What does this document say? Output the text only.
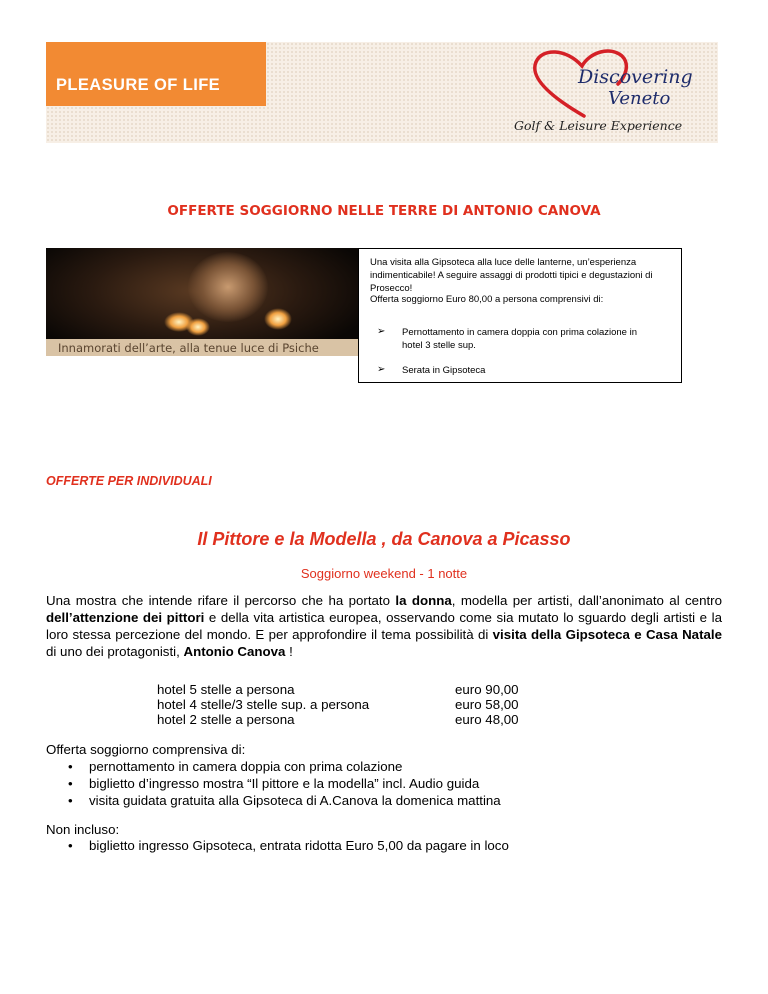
PLEASURE OF LIFE	Discovering
Veneto
Golf & Leisure Experience
OFFERTE SOGGIORNO NELLE TERRE DI ANTONIO CANOVA
Innamorati dell’arte, alla tenue luce di Psiche
Una visita alla Gipsoteca alla luce delle lanterne, un’esperienza indimenticabile! A seguire assaggi di prodotti tipici e degustazioni di Prosecco!
Offerta soggiorno Euro 80,00 a persona comprensivi di:
➢ Pernottamento in camera doppia con prima colazione in hotel 3 stelle sup.
➢ Serata in Gipsoteca
OFFERTE PER INDIVIDUALI
Il Pittore e la Modella , da Canova a Picasso
Soggiorno weekend - 1 notte
Una mostra che intende rifare il percorso che ha portato la donna, modella per artisti, dall’anonimato al centro dell’attenzione dei pittori e della vita artistica europea, osservando come sia mutato lo sguardo degli artisti e la loro stessa percezione del mondo. E per approfondire il tema possibilità di visita della Gipsoteca e Casa Natale di uno dei protagonisti, Antonio Canova !
hotel 5 stelle a persona	euro 90,00
hotel 4 stelle/3 stelle sup. a persona	euro 58,00
hotel 2 stelle a persona	euro 48,00
Offerta soggiorno comprensiva di:
• pernottamento in camera doppia con prima colazione
• biglietto d’ingresso mostra “Il pittore e la modella” incl. Audio guida
• visita guidata gratuita alla Gipsoteca di A.Canova la domenica mattina
Non incluso:
• biglietto ingresso Gipsoteca, entrata ridotta Euro 5,00 da pagare in loco
